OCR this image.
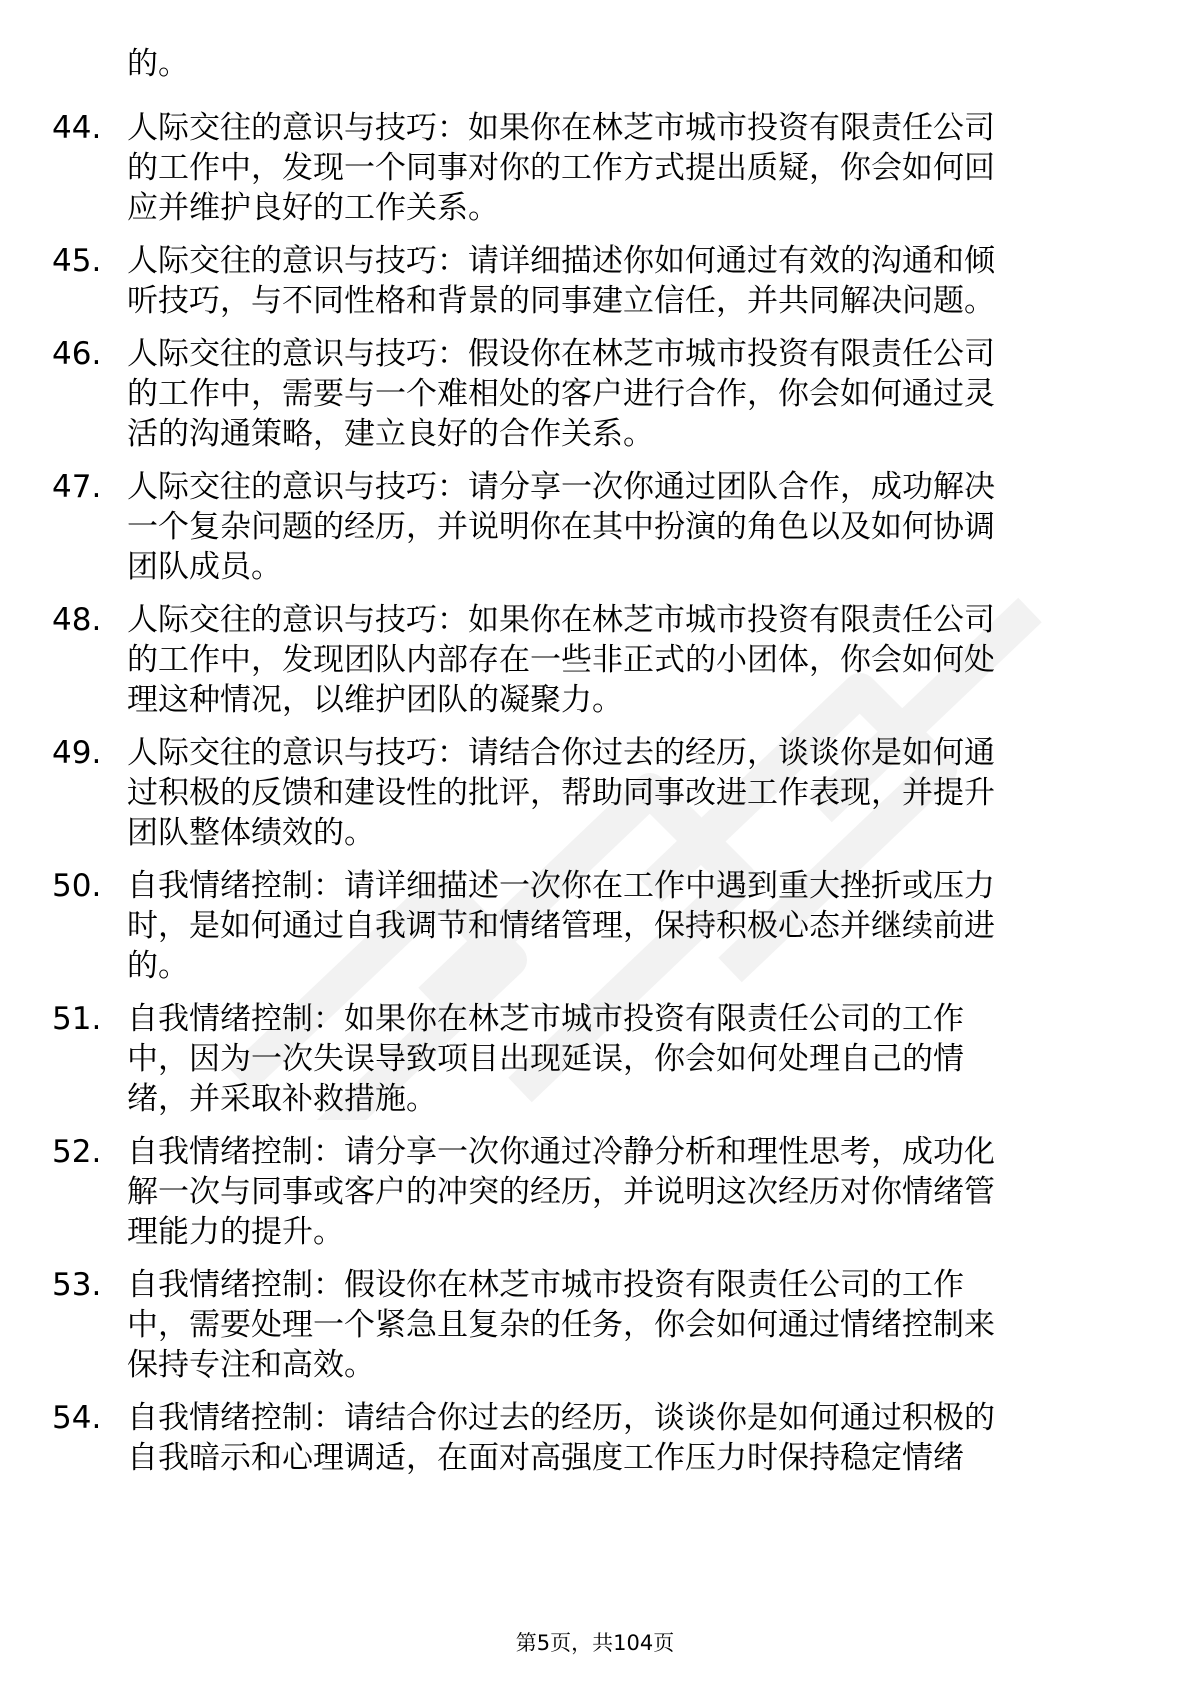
的。
44. 人际交往的意识与技巧：如果你在林芝市城市投资有限责任公司
的工作中，发现一个同事对你的工作方式提出质疑，你会如何回
应并维护良好的工作关系。
45. 人际交往的意识与技巧：请详细描述你如何通过有效的沟通和倾
听技巧，与不同性格和背景的同事建立信任，并共同解决问题。
46. 人际交往的意识与技巧：假设你在林芝市城市投资有限责任公司
的工作中，需要与一个难相处的客户进行合作，你会如何通过灵
活的沟通策略，建立良好的合作关系。
47. 人际交往的意识与技巧：请分享一次你通过团队合作，成功解决
一个复杂问题的经历，并说明你在其中扮演的角色以及如何协调
团队成员。
48. 人际交往的意识与技巧：如果你在林芝市城市投资有限责任公司
的工作中，发现团队内部存在一些非正式的小团体，你会如何处
理这种情况，以维护团队的凝聚力。
49. 人际交往的意识与技巧：请结合你过去的经历，谈谈你是如何通
过积极的反馈和建设性的批评，帮助同事改进工作表现，并提升
团队整体绩效的。
50. 自我情绪控制：请详细描述一次你在工作中遇到重大挫折或压力
时，是如何通过自我调节和情绪管理，保持积极心态并继续前进
的。
51. 自我情绪控制：如果你在林芝市城市投资有限责任公司的工作
中，因为一次失误导致项目出现延误，你会如何处理自己的情
绪，并采取补救措施。
52. 自我情绪控制：请分享一次你通过冷静分析和理性思考，成功化
解一次与同事或客户的冲突的经历，并说明这次经历对你情绪管
理能力的提升。
53. 自我情绪控制：假设你在林芝市城市投资有限责任公司的工作
中，需要处理一个紧急且复杂的任务，你会如何通过情绪控制来
保持专注和高效。
54. 自我情绪控制：请结合你过去的经历，谈谈你是如何通过积极的
自我暗示和心理调适，在面对高强度工作压力时保持稳定情绪
第5页，共104页
